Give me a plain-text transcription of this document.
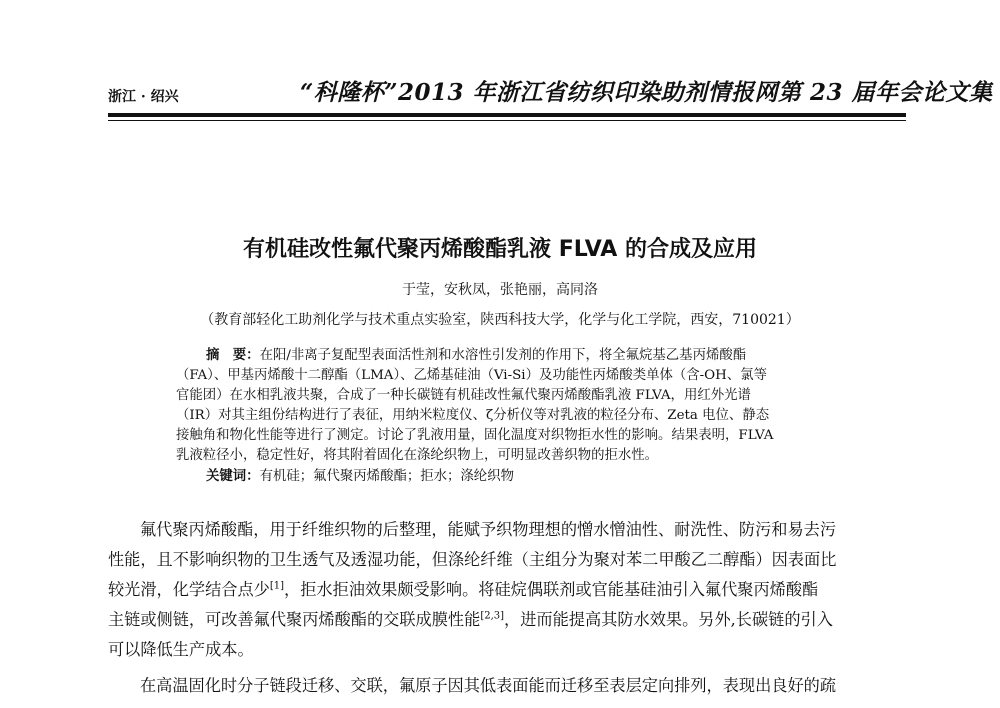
浙江 · 绍兴	“科隆杯”2013 年浙江省纺织印染助剂情报网第 23 届年会论文集
有机硅改性氟代聚丙烯酸酯乳液 FLVA 的合成及应用
于莹，安秋凤，张艳丽，高同洛
（教育部轻化工助剂化学与技术重点实验室，陕西科技大学，化学与化工学院，西安，710021）
摘　要：在阳/非离子复配型表面活性剂和水溶性引发剂的作用下，将全氟烷基乙基丙烯酸酯
（FA）、甲基丙烯酸十二醇酯（LMA）、乙烯基硅油（Vi-Si）及功能性丙烯酸类单体（含-OH、氯等
官能团）在水相乳液共聚，合成了一种长碳链有机硅改性氟代聚丙烯酸酯乳液 FLVA，用红外光谱
（IR）对其主组份结构进行了表征，用纳米粒度仪、ζ分析仪等对乳液的粒径分布、Zeta 电位、静态
接触角和物化性能等进行了测定。讨论了乳液用量，固化温度对织物拒水性的影响。结果表明，FLVA
乳液粒径小，稳定性好，将其附着固化在涤纶织物上，可明显改善织物的拒水性。
关键词：有机硅；氟代聚丙烯酸酯；拒水；涤纶织物
氟代聚丙烯酸酯，用于纤维织物的后整理，能赋予织物理想的憎水憎油性、耐洗性、防污和易去污
性能，且不影响织物的卫生透气及透湿功能，但涤纶纤维（主组分为聚对苯二甲酸乙二醇酯）因表面比
较光滑，化学结合点少[1]，拒水拒油效果颇受影响。将硅烷偶联剂或官能基硅油引入氟代聚丙烯酸酯
主链或侧链，可改善氟代聚丙烯酸酯的交联成膜性能[2,3]，进而能提高其防水效果。另外,长碳链的引入
可以降低生产成本。
在高温固化时分子链段迁移、交联，氟原子因其低表面能而迁移至表层定向排列，表现出良好的疏
